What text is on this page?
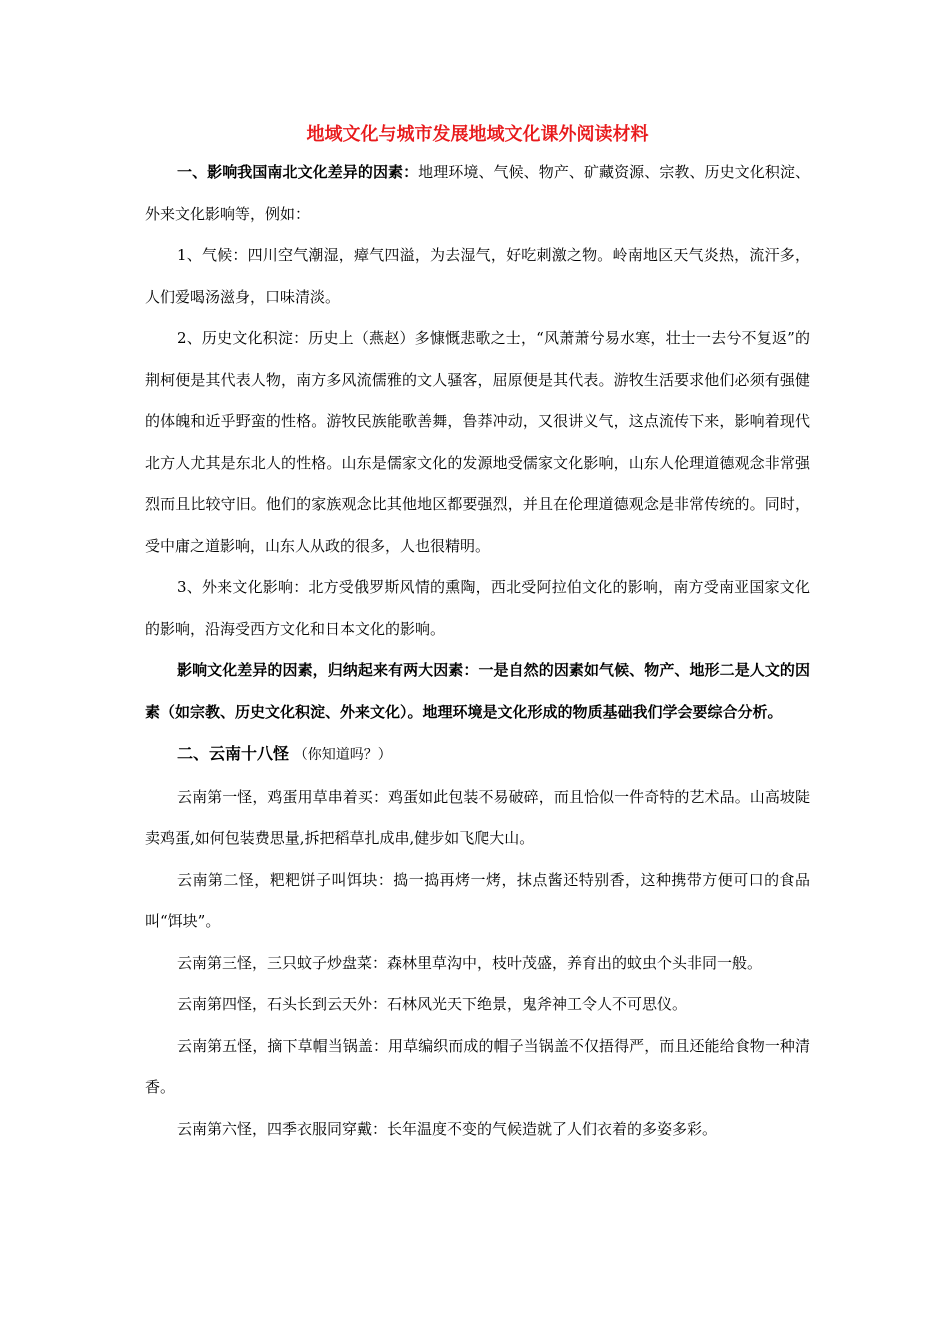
地域文化与城市发展地域文化课外阅读材料

一、影响我国南北文化差异的因素：地理环境、气候、物产、矿藏资源、宗教、历史文化积淀、外来文化影响等，例如：

1、气候：四川空气潮湿，瘴气四溢，为去湿气，好吃刺激之物。岭南地区天气炎热，流汗多，人们爱喝汤滋身，口味清淡。

2、历史文化积淀：历史上（燕赵）多慷慨悲歌之士，“风萧萧兮易水寒，壮士一去兮不复返”的荆柯便是其代表人物，南方多风流儒雅的文人骚客，屈原便是其代表。游牧生活要求他们必须有强健的体魄和近乎野蛮的性格。游牧民族能歌善舞，鲁莽冲动，又很讲义气，这点流传下来，影响着现代北方人尤其是东北人的性格。山东是儒家文化的发源地受儒家文化影响，山东人伦理道德观念非常强烈而且比较守旧。他们的家族观念比其他地区都要强烈，并且在伦理道德观念是非常传统的。同时，受中庸之道影响，山东人从政的很多，人也很精明。

3、外来文化影响：北方受俄罗斯风情的熏陶，西北受阿拉伯文化的影响，南方受南亚国家文化的影响，沿海受西方文化和日本文化的影响。

影响文化差异的因素，归纳起来有两大因素：一是自然的因素如气候、物产、地形二是人文的因素（如宗教、历史文化积淀、外来文化）。地理环境是文化形成的物质基础我们学会要综合分析。

二、云南十八怪 （你知道吗？）

云南第一怪，鸡蛋用草串着买：鸡蛋如此包装不易破碎，而且恰似一件奇特的艺术品。山高坡陡卖鸡蛋,如何包装费思量,拆把稻草扎成串,健步如飞爬大山。

云南第二怪，粑粑饼子叫饵块：捣一捣再烤一烤，抹点酱还特别香，这种携带方便可口的食品叫“饵块”。

云南第三怪，三只蚊子炒盘菜：森林里草沟中，枝叶茂盛，养育出的蚊虫个头非同一般。

云南第四怪，石头长到云天外：石林风光天下绝景，鬼斧神工令人不可思仪。

云南第五怪，摘下草帽当锅盖：用草编织而成的帽子当锅盖不仅捂得严，而且还能给食物一种清香。

云南第六怪，四季衣服同穿戴：长年温度不变的气候造就了人们衣着的多姿多彩。
